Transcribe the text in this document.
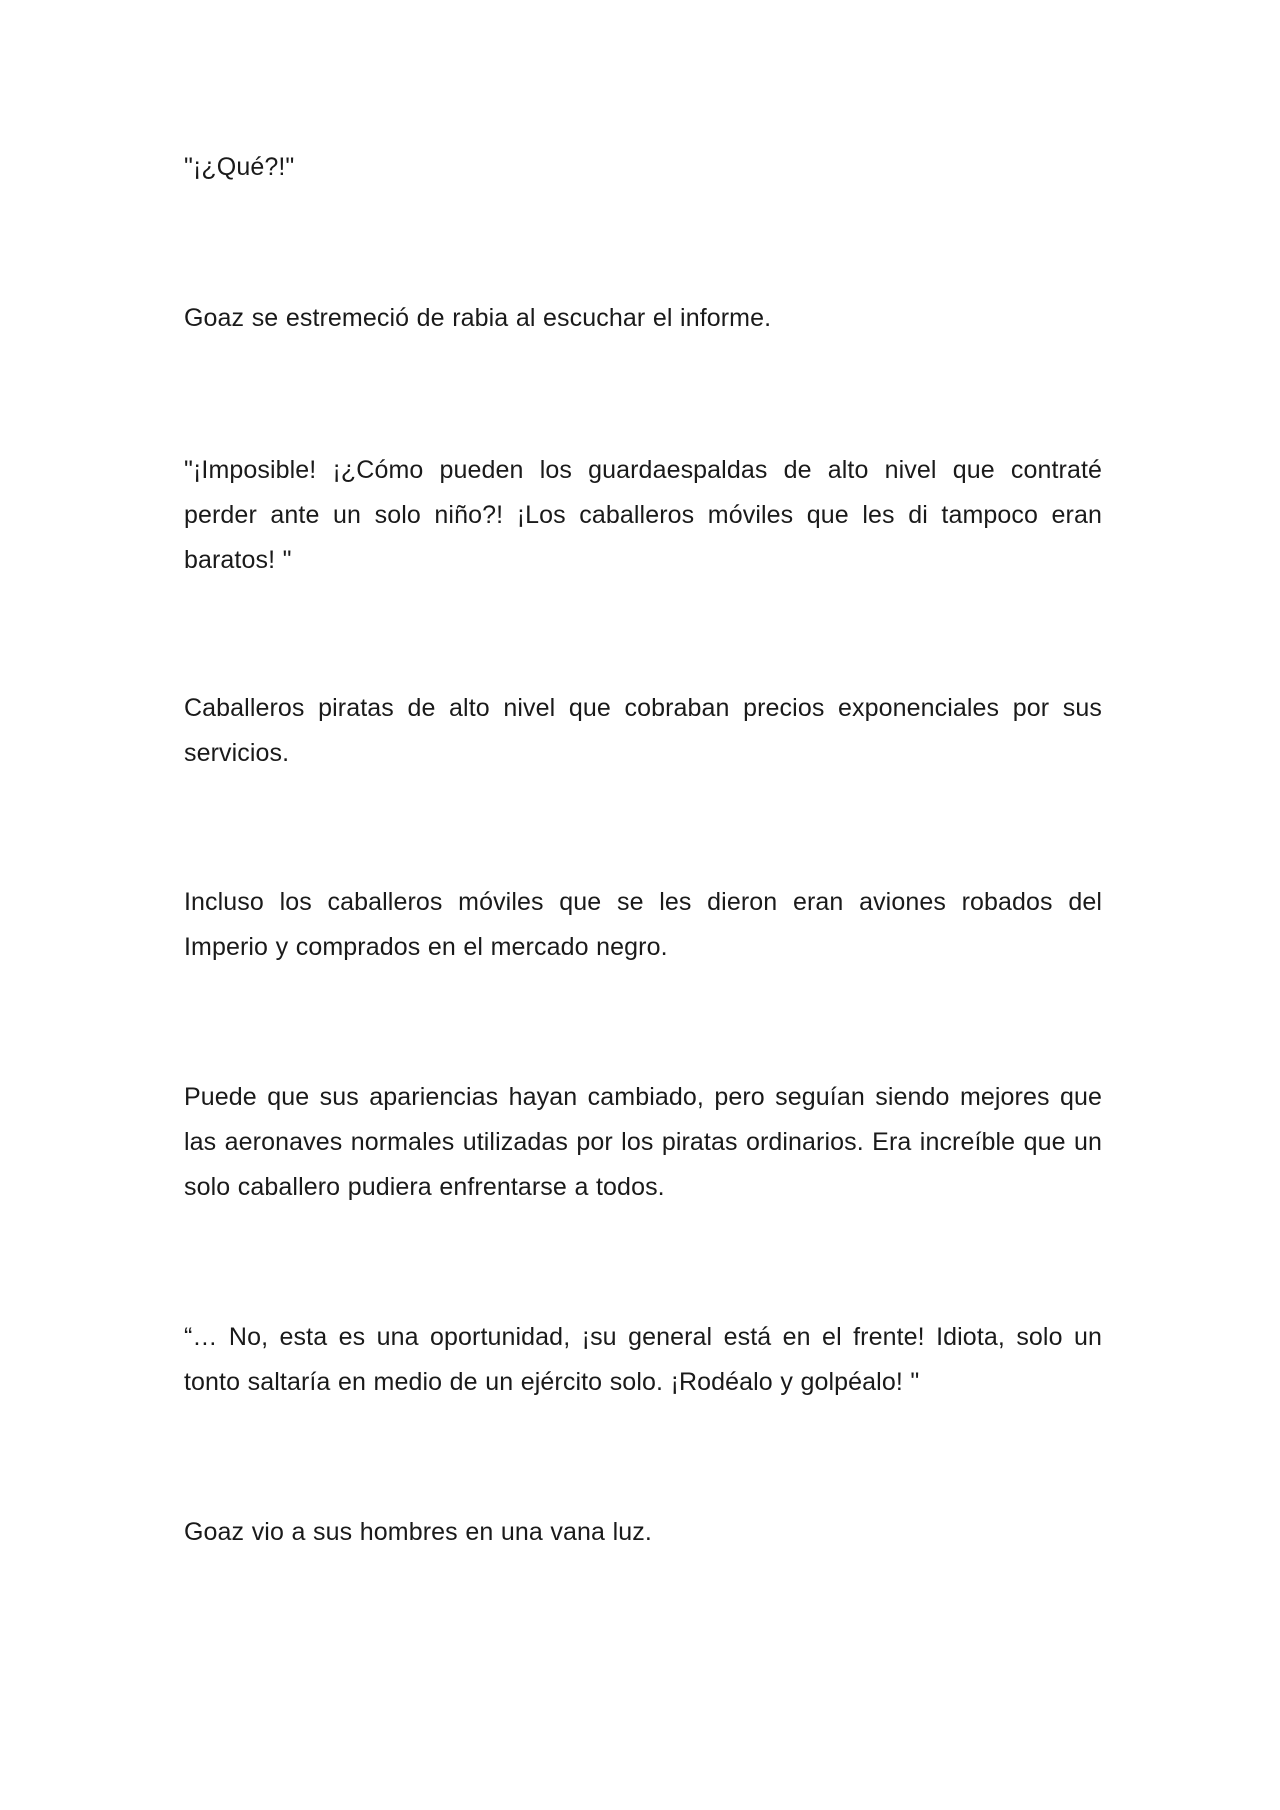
"¡¿Qué?!"

Goaz se estremeció de rabia al escuchar el informe.

"¡Imposible! ¡¿Cómo pueden los guardaespaldas de alto nivel que contraté perder ante un solo niño?! ¡Los caballeros móviles que les di tampoco eran baratos! "

Caballeros piratas de alto nivel que cobraban precios exponenciales por sus servicios.

Incluso los caballeros móviles que se les dieron eran aviones robados del Imperio y comprados en el mercado negro.

Puede que sus apariencias hayan cambiado, pero seguían siendo mejores que las aeronaves normales utilizadas por los piratas ordinarios. Era increíble que un solo caballero pudiera enfrentarse a todos.

“… No, esta es una oportunidad, ¡su general está en el frente! Idiota, solo un tonto saltaría en medio de un ejército solo. ¡Rodéalo y golpéalo! "

Goaz vio a sus hombres en una vana luz.
